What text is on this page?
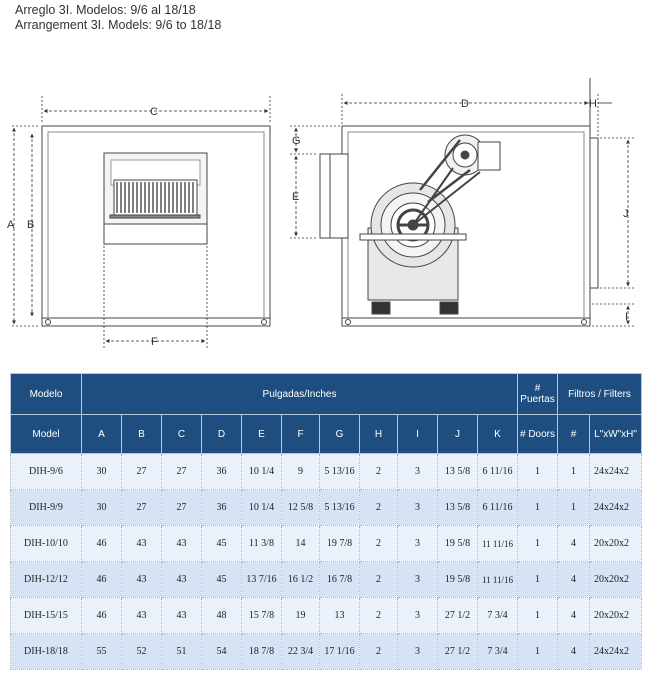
Arreglo 3I. Modelos: 9/6 al 18/18
Arrangement 3I. Models: 9/6 to 18/18
C
A B
F
D	H
G
E
J
I
Modelo	Pulgadas/Inches											# Puertas	Filtros / Filters	
Model	A	B	C	D	E	F	G	H	I	J	K	# Doors	#	L"xW"xH"
DIH-9/6	30	27	27	36	10 1/4	9	5 13/16	2	3	13 5/8	6 11/16	1	1	24x24x2
DIH-9/9	30	27	27	36	10 1/4	12 5/8	5 13/16	2	3	13 5/8	6 11/16	1	1	24x24x2
DIH-10/10	46	43	43	45	11 3/8	14	19 7/8	2	3	19 5/8	11 11/16	1	4	20x20x2
DIH-12/12	46	43	43	45	13 7/16	16 1/2	16 7/8	2	3	19 5/8	11 11/16	1	4	20x20x2
DIH-15/15	46	43	43	48	15 7/8	19	13	2	3	27 1/2	7 3/4	1	4	20x20x2
DIH-18/18	55	52	51	54	18 7/8	22 3/4	17 1/16	2	3	27 1/2	7 3/4	1	4	24x24x2
